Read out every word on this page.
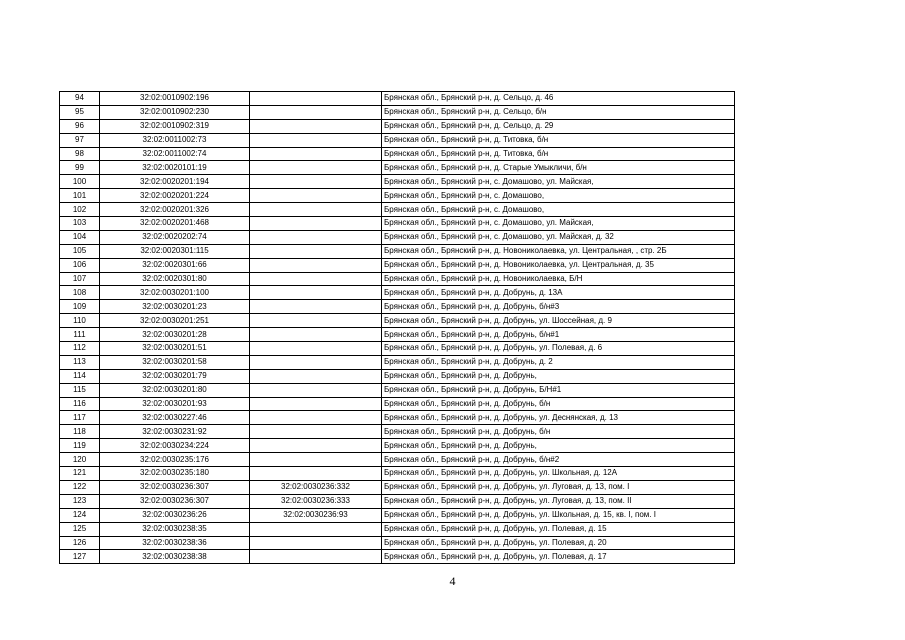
94	32:02:0010902:196		Брянская обл., Брянский р-н, д. Сельцо, д. 46
95	32:02:0010902:230		Брянская обл., Брянский р-н, д. Сельцо, б/н
96	32:02:0010902:319		Брянская обл., Брянский р-н, д. Сельцо, д. 29
97	32:02:0011002:73		Брянская обл., Брянский р-н, д. Титовка, б/н
98	32:02:0011002:74		Брянская обл., Брянский р-н, д. Титовка, б/н
99	32:02:0020101:19		Брянская обл., Брянский р-н, д. Старые Умыкличи, б/н
100	32:02:0020201:194		Брянская обл., Брянский р-н, с. Домашово, ул. Майская,
101	32:02:0020201:224		Брянская обл., Брянский р-н, с. Домашово,
102	32:02:0020201:326		Брянская обл., Брянский р-н, с. Домашово,
103	32:02:0020201:468		Брянская обл., Брянский р-н, с. Домашово, ул. Майская,
104	32:02:0020202:74		Брянская обл., Брянский р-н, с. Домашово, ул. Майская, д. 32
105	32:02:0020301:115		Брянская обл., Брянский р-н, д. Новониколаевка, ул. Центральная, , стр. 2Б
106	32:02:0020301:66		Брянская обл., Брянский р-н, д. Новониколаевка, ул. Центральная, д. 35
107	32:02:0020301:80		Брянская обл., Брянский р-н, д. Новониколаевка, Б/Н
108	32:02:0030201:100		Брянская обл., Брянский р-н, д. Добрунь, д. 13А
109	32:02:0030201:23		Брянская обл., Брянский р-н, д. Добрунь, б/н#3
110	32:02:0030201:251		Брянская обл., Брянский р-н, д. Добрунь, ул. Шоссейная, д. 9
111	32:02:0030201:28		Брянская обл., Брянский р-н, д. Добрунь, б/н#1
112	32:02:0030201:51		Брянская обл., Брянский р-н, д. Добрунь, ул. Полевая, д. 6
113	32:02:0030201:58		Брянская обл., Брянский р-н, д. Добрунь, д. 2
114	32:02:0030201:79		Брянская обл., Брянский р-н, д. Добрунь,
115	32:02:0030201:80		Брянская обл., Брянский р-н, д. Добрунь, Б/Н#1
116	32:02:0030201:93		Брянская обл., Брянский р-н, д. Добрунь, б/н
117	32:02:0030227:46		Брянская обл., Брянский р-н, д. Добрунь, ул. Деснянская, д. 13
118	32:02:0030231:92		Брянская обл., Брянский р-н, д. Добрунь, б/н
119	32:02:0030234:224		Брянская обл., Брянский р-н, д. Добрунь,
120	32:02:0030235:176		Брянская обл., Брянский р-н, д. Добрунь, б/н#2
121	32:02:0030235:180		Брянская обл., Брянский р-н, д. Добрунь, ул. Школьная, д. 12А
122	32:02:0030236:307	32:02:0030236:332	Брянская обл., Брянский р-н, д. Добрунь, ул. Луговая, д. 13, пом. I
123	32:02:0030236:307	32:02:0030236:333	Брянская обл., Брянский р-н, д. Добрунь, ул. Луговая, д. 13, пом. II
124	32:02:0030236:26	32:02:0030236:93	Брянская обл., Брянский р-н, д. Добрунь, ул. Школьная, д. 15, кв. I, пом. I
125	32:02:0030238:35		Брянская обл., Брянский р-н, д. Добрунь, ул. Полевая, д. 15
126	32:02:0030238:36		Брянская обл., Брянский р-н, д. Добрунь, ул. Полевая, д. 20
127	32:02:0030238:38		Брянская обл., Брянский р-н, д. Добрунь, ул. Полевая, д. 17
4
